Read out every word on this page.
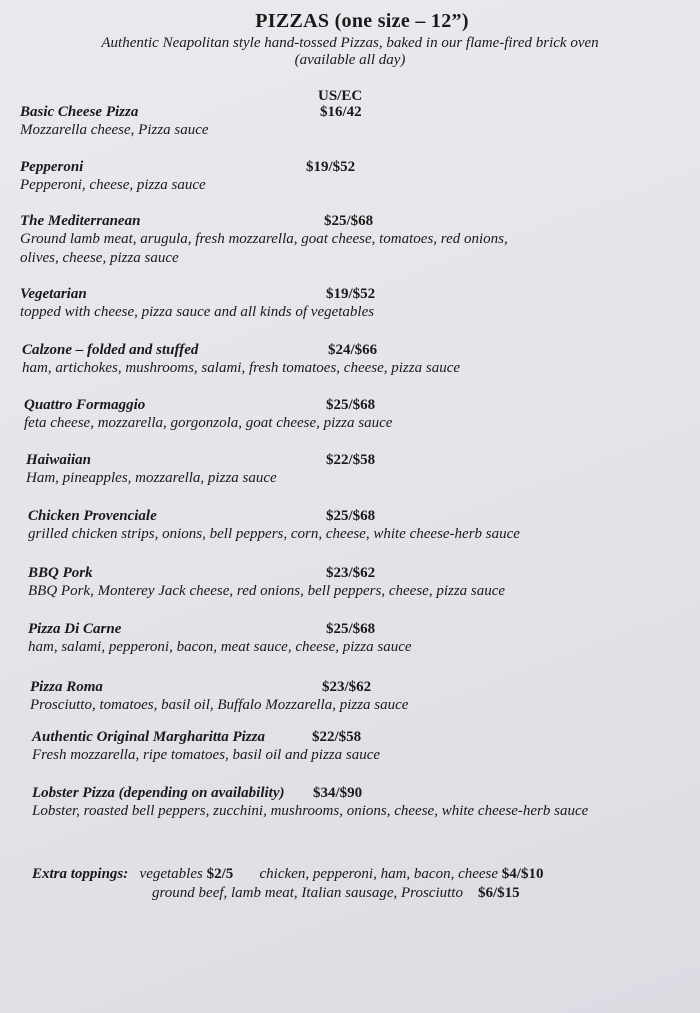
PIZZAS (one size – 12”)
Authentic Neapolitan style hand-tossed Pizzas, baked in our flame-fired brick oven
(available all day)
US/EC
Basic Cheese Pizza	$16/42
Mozzarella cheese, Pizza sauce
Pepperoni	$19/$52
Pepperoni, cheese, pizza sauce
The Mediterranean	$25/$68
Ground lamb meat, arugula, fresh mozzarella, goat cheese, tomatoes, red onions,
olives, cheese, pizza sauce
Vegetarian	$19/$52
topped with cheese, pizza sauce and all kinds of vegetables
Calzone – folded and stuffed	$24/$66
ham, artichokes, mushrooms, salami, fresh tomatoes, cheese, pizza sauce
Quattro Formaggio	$25/$68
feta cheese, mozzarella, gorgonzola, goat cheese, pizza sauce
Haiwaiian	$22/$58
Ham, pineapples, mozzarella, pizza sauce
Chicken Provenciale	$25/$68
grilled chicken strips, onions, bell peppers, corn, cheese, white cheese-herb sauce
BBQ Pork	$23/$62
BBQ Pork, Monterey Jack cheese, red onions, bell peppers, cheese, pizza sauce
Pizza Di Carne	$25/$68
ham, salami, pepperoni, bacon, meat sauce, cheese, pizza sauce
Pizza Roma	$23/$62
Prosciutto, tomatoes, basil oil, Buffalo Mozzarella, pizza sauce
Authentic Original Margharitta Pizza	$22/$58
Fresh mozzarella, ripe tomatoes, basil oil and pizza sauce
Lobster Pizza (depending on availability)	$34/$90
Lobster, roasted bell peppers, zucchini, mushrooms, onions, cheese, white cheese-herb sauce
Extra toppings: vegetables $2/5 chicken, pepperoni, ham, bacon, cheese $4/$10
ground beef, lamb meat, Italian sausage, Prosciutto $6/$15
